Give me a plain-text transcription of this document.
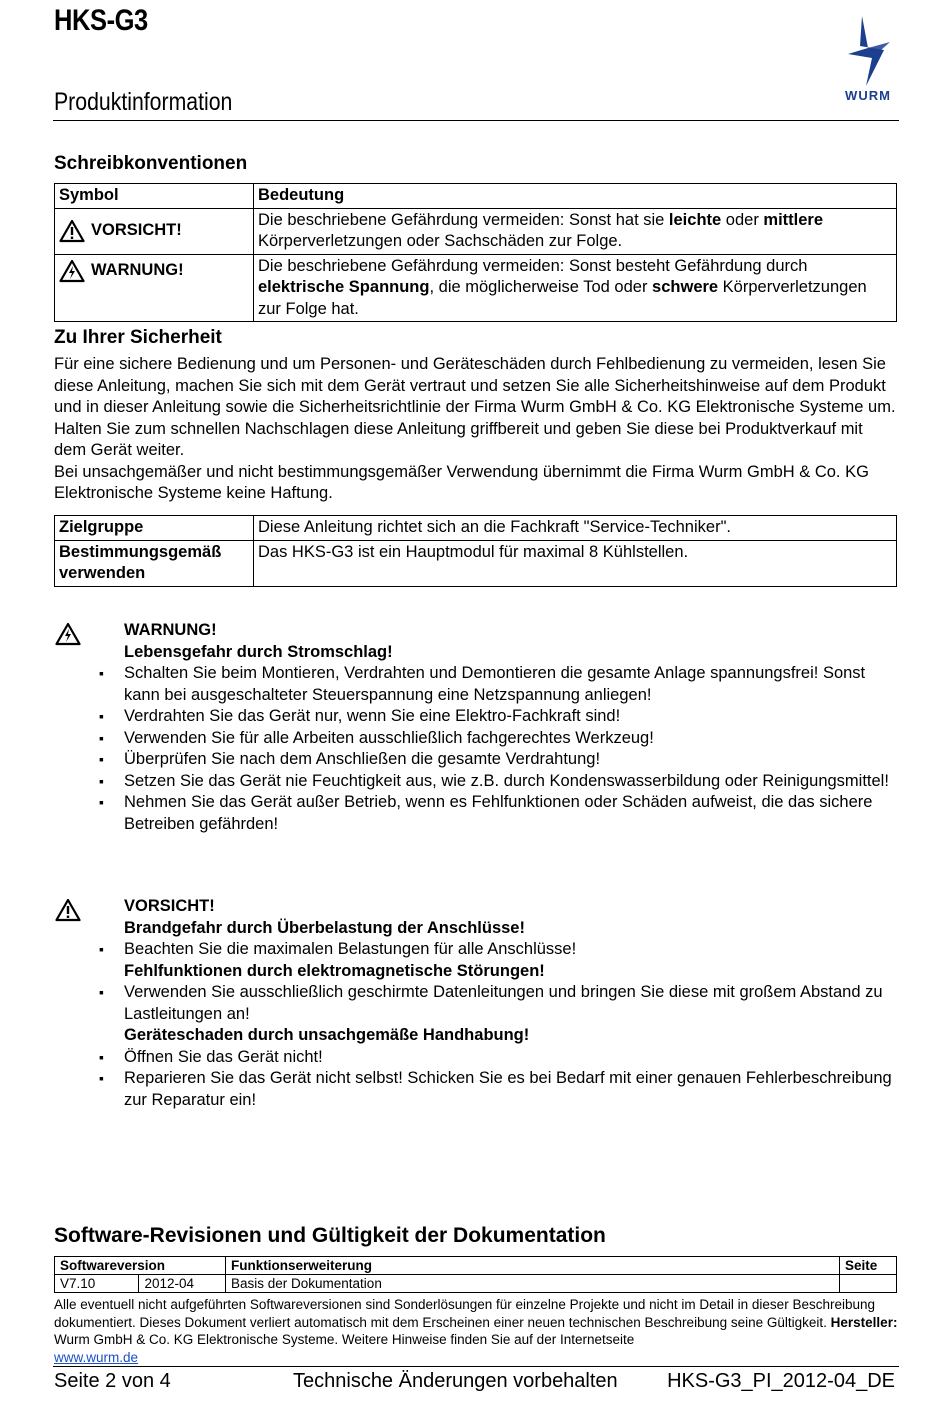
HKS-G3
Produktinformation	WURM
Schreibkonventionen
Symbol	Bedeutung

VORSICHT!	Die beschriebene Gefährdung vermeiden: Sonst hat sie leichte oder mittlere Körperverletzungen oder Sachschäden zur Folge.

WARNUNG!	Die beschriebene Gefährdung vermeiden: Sonst besteht Gefährdung durch elektrische Spannung, die möglicherweise Tod oder schwere Körperverletzungen zur Folge hat.
Zu Ihrer Sicherheit
Für eine sichere Bedienung und um Personen- und Geräteschäden durch Fehlbedienung zu vermeiden, lesen Sie diese Anleitung, machen Sie sich mit dem Gerät vertraut und setzen Sie alle Sicherheitshinweise auf dem Produkt und in dieser Anleitung sowie die Sicherheitsrichtlinie der Firma Wurm GmbH & Co. KG Elektronische Systeme um. Halten Sie zum schnellen Nachschlagen diese Anleitung griffbereit und geben Sie diese bei Produktverkauf mit dem Gerät weiter.
Bei unsachgemäßer und nicht bestimmungsgemäßer Verwendung übernimmt die Firma Wurm GmbH & Co. KG Elektronische Systeme keine Haftung.
Zielgruppe	Diese Anleitung richtet sich an die Fachkraft "Service-Techniker".
Bestimmungsgemäß verwenden	Das HKS-G3 ist ein Hauptmodul für maximal 8 Kühlstellen.
WARNUNG!
Lebensgefahr durch Stromschlag!
▪ Schalten Sie beim Montieren, Verdrahten und Demontieren die gesamte Anlage spannungsfrei! Sonst kann bei ausgeschalteter Steuerspannung eine Netzspannung anliegen!
▪ Verdrahten Sie das Gerät nur, wenn Sie eine Elektro-Fachkraft sind!
▪ Verwenden Sie für alle Arbeiten ausschließlich fachgerechtes Werkzeug!
▪ Überprüfen Sie nach dem Anschließen die gesamte Verdrahtung!
▪ Setzen Sie das Gerät nie Feuchtigkeit aus, wie z.B. durch Kondenswasserbildung oder Reinigungsmittel!
▪ Nehmen Sie das Gerät außer Betrieb, wenn es Fehlfunktionen oder Schäden aufweist, die das sichere Betreiben gefährden!
VORSICHT!
Brandgefahr durch Überbelastung der Anschlüsse!
▪ Beachten Sie die maximalen Belastungen für alle Anschlüsse!
Fehlfunktionen durch elektromagnetische Störungen!
▪ Verwenden Sie ausschließlich geschirmte Datenleitungen und bringen Sie diese mit großem Abstand zu Lastleitungen an!
Geräteschaden durch unsachgemäße Handhabung!
▪ Öffnen Sie das Gerät nicht!
▪ Reparieren Sie das Gerät nicht selbst! Schicken Sie es bei Bedarf mit einer genauen Fehlerbeschreibung zur Reparatur ein!
Software-Revisionen und Gültigkeit der Dokumentation
Softwareversion		Funktionserweiterung	Seite
V7.10	2012-04	Basis der Dokumentation	
Alle eventuell nicht aufgeführten Softwareversionen sind Sonderlösungen für einzelne Projekte und nicht im Detail in dieser Beschreibung dokumentiert. Dieses Dokument verliert automatisch mit dem Erscheinen einer neuen technischen Beschreibung seine Gültigkeit. Hersteller: Wurm GmbH & Co. KG Elektronische Systeme. Weitere Hinweise finden Sie auf der Internetseite
www.wurm.de
Seite 2 von 4	Technische Änderungen vorbehalten HKS-G3_PI_2012-04_DE
